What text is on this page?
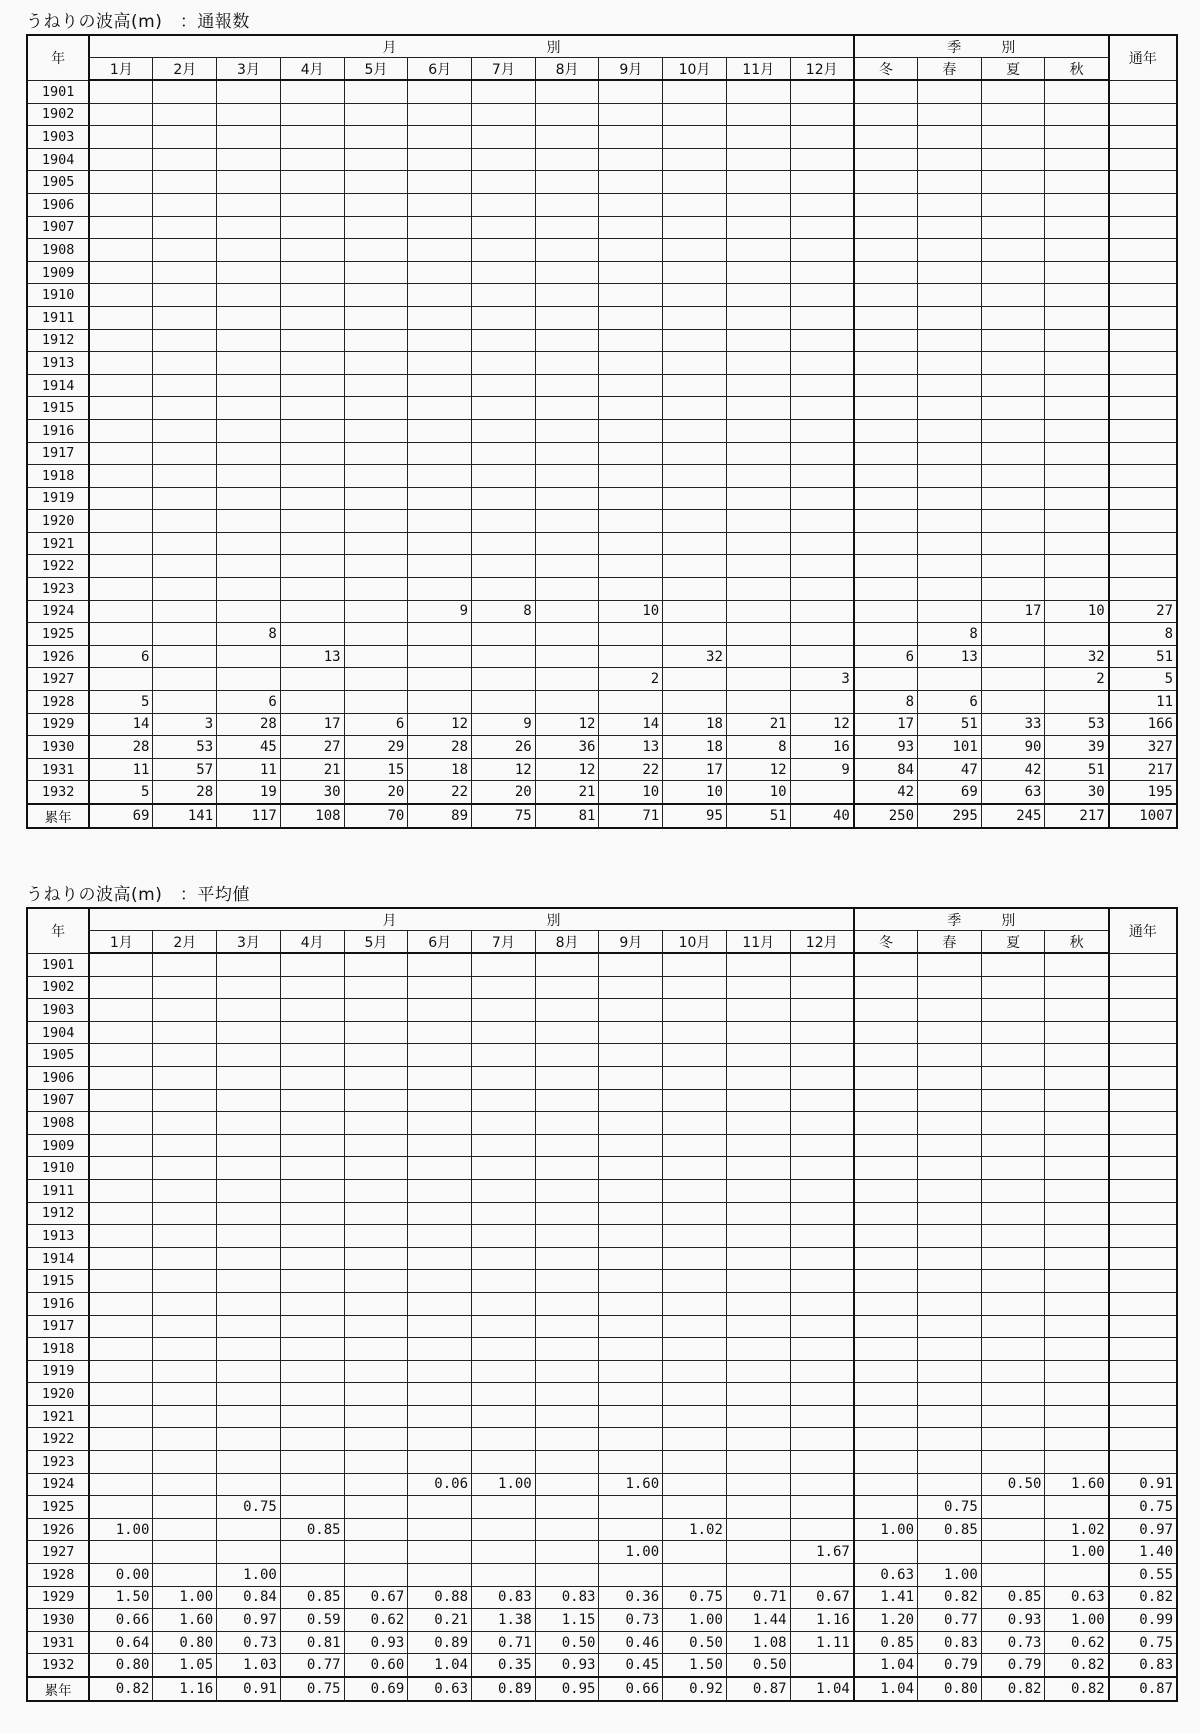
うねりの波高(m)　：通報数
年	月 別												季 別				通年
	1月	2月	3月	4月	5月	6月	7月	8月	9月	10月	11月	12月	冬	春	夏	秋	
1901																	
1902																	
1903																	
1904																	
1905																	
1906																	
1907																	
1908																	
1909																	
1910																	
1911																	
1912																	
1913																	
1914																	
1915																	
1916																	
1917																	
1918																	
1919																	
1920																	
1921																	
1922																	
1923																	
1924						9	8		10						17	10	27
1925			8											8			8
1926	6			13						32			6	13		32	51
1927									2			3				2	5
1928	5		6										8	6			11
1929	14	3	28	17	6	12	9	12	14	18	21	12	17	51	33	53	166
1930	28	53	45	27	29	28	26	36	13	18	8	16	93	101	90	39	327
1931	11	57	11	21	15	18	12	12	22	17	12	9	84	47	42	51	217
1932	5	28	19	30	20	22	20	21	10	10	10		42	69	63	30	195
累年	69	141	117	108	70	89	75	81	71	95	51	40	250	295	245	217	1007
うねりの波高(m)　：平均値
年	月 別												季 別				通年
	1月	2月	3月	4月	5月	6月	7月	8月	9月	10月	11月	12月	冬	春	夏	秋	
1901																	
1902																	
1903																	
1904																	
1905																	
1906																	
1907																	
1908																	
1909																	
1910																	
1911																	
1912																	
1913																	
1914																	
1915																	
1916																	
1917																	
1918																	
1919																	
1920																	
1921																	
1922																	
1923																	
1924						0.06	1.00		1.60						0.50	1.60	0.91
1925			0.75											0.75			0.75
1926	1.00			0.85						1.02			1.00	0.85		1.02	0.97
1927									1.00			1.67				1.00	1.40
1928	0.00		1.00										0.63	1.00			0.55
1929	1.50	1.00	0.84	0.85	0.67	0.88	0.83	0.83	0.36	0.75	0.71	0.67	1.41	0.82	0.85	0.63	0.82
1930	0.66	1.60	0.97	0.59	0.62	0.21	1.38	1.15	0.73	1.00	1.44	1.16	1.20	0.77	0.93	1.00	0.99
1931	0.64	0.80	0.73	0.81	0.93	0.89	0.71	0.50	0.46	0.50	1.08	1.11	0.85	0.83	0.73	0.62	0.75
1932	0.80	1.05	1.03	0.77	0.60	1.04	0.35	0.93	0.45	1.50	0.50		1.04	0.79	0.79	0.82	0.83
累年	0.82	1.16	0.91	0.75	0.69	0.63	0.89	0.95	0.66	0.92	0.87	1.04	1.04	0.80	0.82	0.82	0.87
